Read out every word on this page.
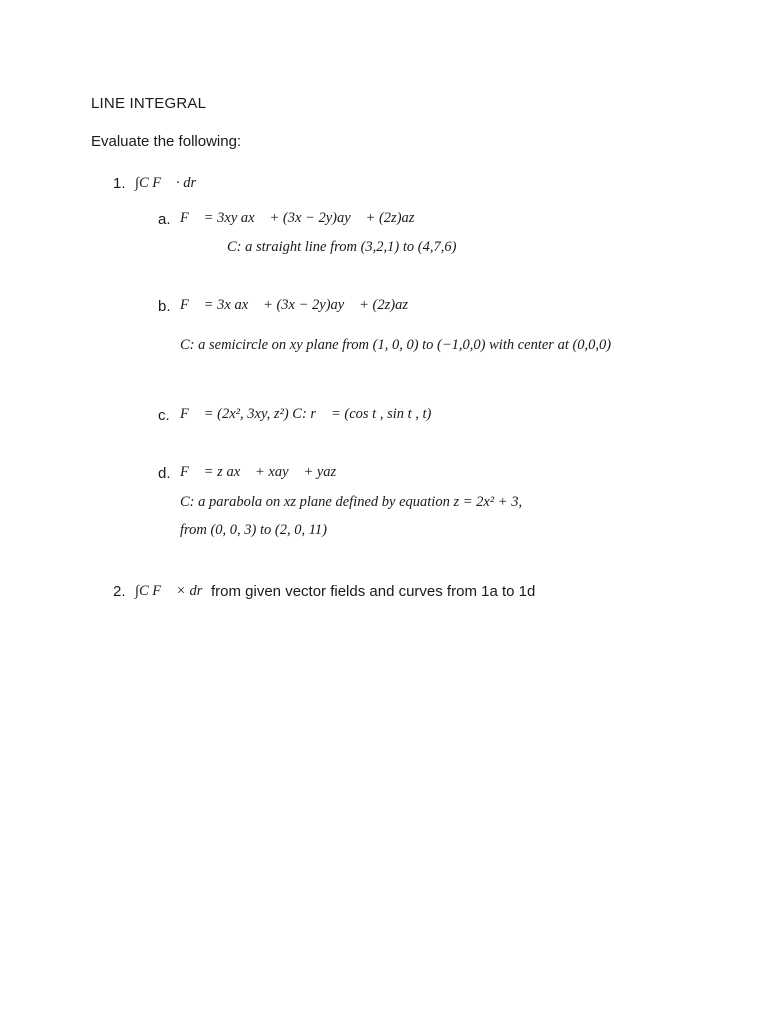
LINE INTEGRAL
Evaluate the following:
1. ∫C F⃗ · dr⃗
a. F⃗ = 3xy ax⃗ + (3x − 2y)ay⃗ + (2z)az⃗
C: a straight line from (3,2,1) to (4,7,6)
b. F⃗ = 3x ax⃗ + (3x − 2y)ay⃗ + (2z)az⃗
C: a semicircle on xy plane from (1, 0, 0) to (−1,0,0) with center at (0,0,0)
c. F⃗ = (2x², 3xy, z²) C: r⃗ = (cos t , sin t , t)
d. F⃗ = z ax⃗ + xay⃗ + yaz⃗
C: a parabola on xz plane defined by equation z = 2x² + 3,
from (0, 0, 3) to (2, 0, 11)
2. ∫C F⃗ × dr⃗
from given vector fields and curves from 1a to 1d
